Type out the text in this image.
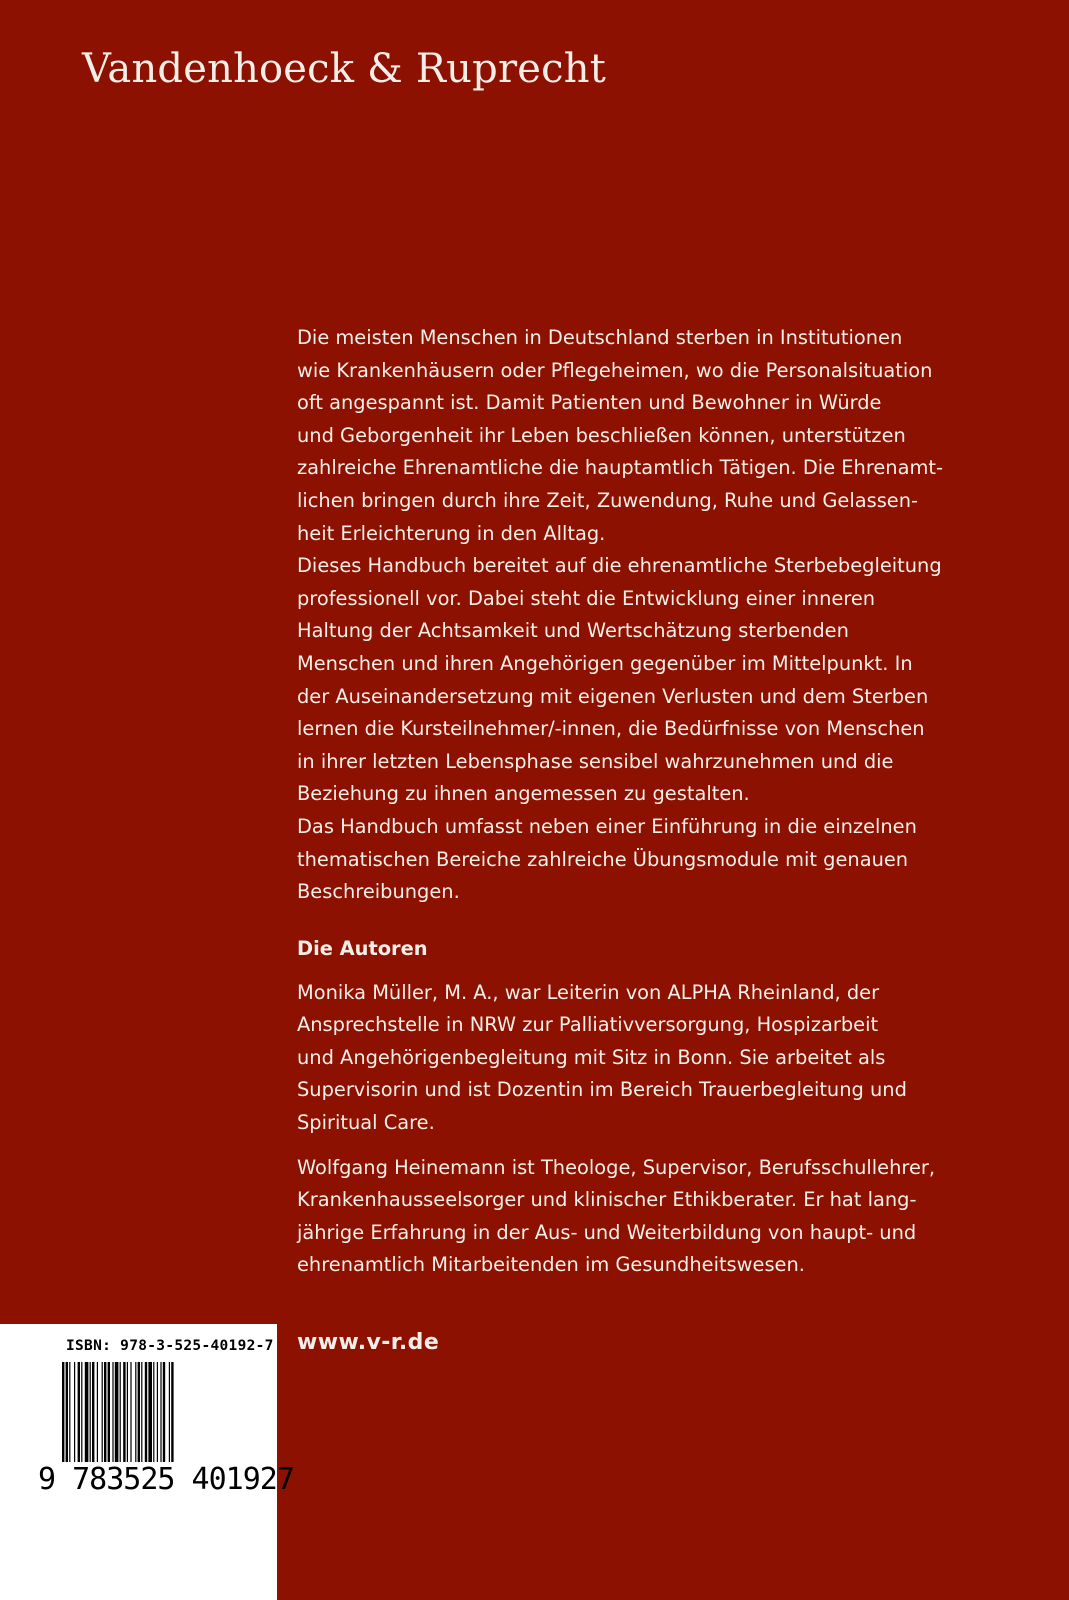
Vandenhoeck & Ruprecht

Die meisten Menschen in Deutschland sterben in Institutionen

wie Krankenhäusern oder Pflegeheimen, wo die Personalsituation

oft angespannt ist. Damit Patienten und Bewohner in Würde

und Geborgenheit ihr Leben beschließen können, unterstützen

zahlreiche Ehrenamtliche die hauptamtlich Tätigen. Die Ehrenamt-

lichen bringen durch ihre Zeit, Zuwendung, Ruhe und Gelassen-

heit Erleichterung in den Alltag.

Dieses Handbuch bereitet auf die ehrenamtliche Sterbebegleitung

professionell vor. Dabei steht die Entwicklung einer inneren

Haltung der Achtsamkeit und Wertschätzung sterbenden

Menschen und ihren Angehörigen gegenüber im Mittelpunkt. In

der Auseinandersetzung mit eigenen Verlusten und dem Sterben

lernen die Kursteilnehmer/-innen, die Bedürfnisse von Menschen

in ihrer letzten Lebensphase sensibel wahrzunehmen und die

Beziehung zu ihnen angemessen zu gestalten.

Das Handbuch umfasst neben einer Einführung in die einzelnen

thematischen Bereiche zahlreiche Übungsmodule mit genauen

Beschreibungen.

Die Autoren

Monika Müller, M. A., war Leiterin von ALPHA Rheinland, der

Ansprechstelle in NRW zur Palliativversorgung, Hospizarbeit

und Angehörigenbegleitung mit Sitz in Bonn. Sie arbeitet als

Supervisorin und ist Dozentin im Bereich Trauerbegleitung und

Spiritual Care.

Wolfgang Heinemann ist Theologe, Supervisor, Berufsschullehrer,

Krankenhausseelsorger und klinischer Ethikberater. Er hat lang-

jährige Erfahrung in der Aus- und Weiterbildung von haupt- und

ehrenamtlich Mitarbeitenden im Gesundheitswesen.

www.v-r.de
ISBN: 978-3-525-40192-7
9 783525 401927
